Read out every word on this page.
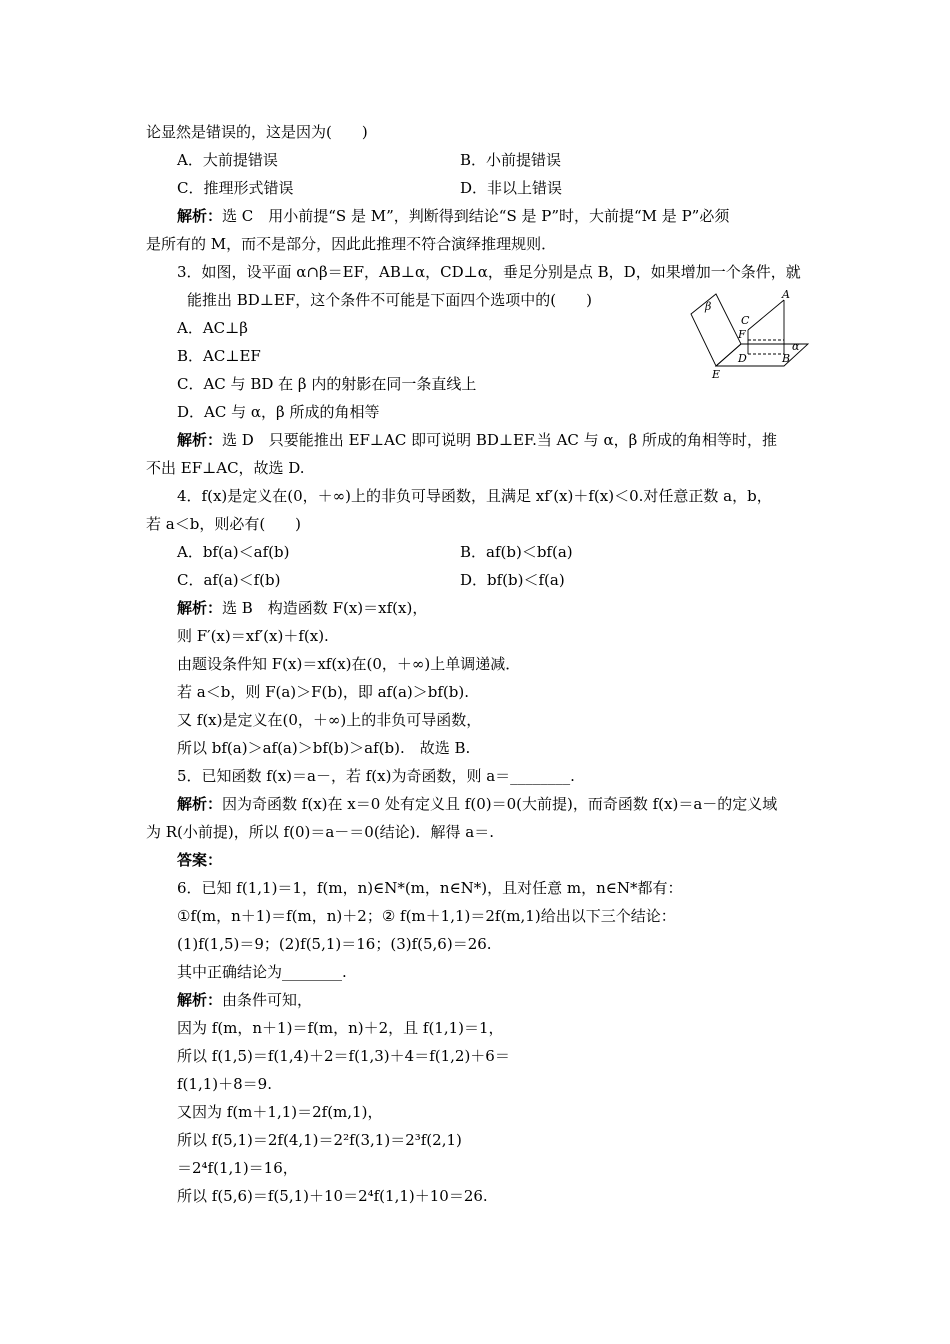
论显然是错误的，这是因为(　　)
A．大前提错误	B．小前提错误
C．推理形式错误	D．非以上错误
解析：选 C　用小前提“S 是 M”，判断得到结论“S 是 P”时，大前提“M 是 P”必须
是所有的 M，而不是部分，因此此推理不符合演绎推理规则．
3．如图，设平面 α∩β＝EF，AB⊥α，CD⊥α，垂足分别是点 B，D，如果增加一个条件，就
能推出 BD⊥EF，这个条件不可能是下面四个选项中的(　　)
A．AC⊥β
B．AC⊥EF
C．AC 与 BD 在 β 内的射影在同一条直线上
D．AC 与 α，β 所成的角相等
解析：选 D　只要能推出 EF⊥AC 即可说明 BD⊥EF.当 AC 与 α，β 所成的角相等时，推
不出 EF⊥AC，故选 D.
4．f(x)是定义在(0，＋∞)上的非负可导函数，且满足 xf′(x)＋f(x)＜0.对任意正数 a，b，
若 a＜b，则必有(　　)
A．bf(a)＜af(b)	B．af(b)＜bf(a)
C．af(a)＜f(b)	D．bf(b)＜f(a)
解析：选 B　构造函数 F(x)＝xf(x)，
则 F′(x)＝xf′(x)＋f(x).
由题设条件知 F(x)＝xf(x)在(0，＋∞)上单调递减．
若 a＜b，则 F(a)＞F(b)，即 af(a)＞bf(b).
又 f(x)是定义在(0，＋∞)上的非负可导函数，
所以 bf(a)＞af(a)＞bf(b)＞af(b).　故选 B.
5．已知函数 f(x)＝a－，若 f(x)为奇函数，则 a＝________.
解析：因为奇函数 f(x)在 x＝0 处有定义且 f(0)＝0(大前提)，而奇函数 f(x)＝a－的定义域
为 R(小前提)，所以 f(0)＝a－＝0(结论)．解得 a＝.
答案：
6．已知 f(1,1)＝1，f(m，n)∈N*(m，n∈N*)，且对任意 m，n∈N*都有：
①f(m，n＋1)＝f(m，n)＋2；② f(m＋1,1)＝2f(m,1)给出以下三个结论：
(1)f(1,5)＝9；(2)f(5,1)＝16；(3)f(5,6)＝26.
其中正确结论为________.
解析：由条件可知，
因为 f(m，n＋1)＝f(m，n)＋2，且 f(1,1)＝1，
所以 f(1,5)＝f(1,4)＋2＝f(1,3)＋4＝f(1,2)＋6＝
f(1,1)＋8＝9.
又因为 f(m＋1,1)＝2f(m,1)，
所以 f(5,1)＝2f(4,1)＝2²f(3,1)＝2³f(2,1)
＝2⁴f(1,1)＝16，
所以 f(5,6)＝f(5,1)＋10＝2⁴f(1,1)＋10＝26.
A
β
C
F
D	B
α
E
